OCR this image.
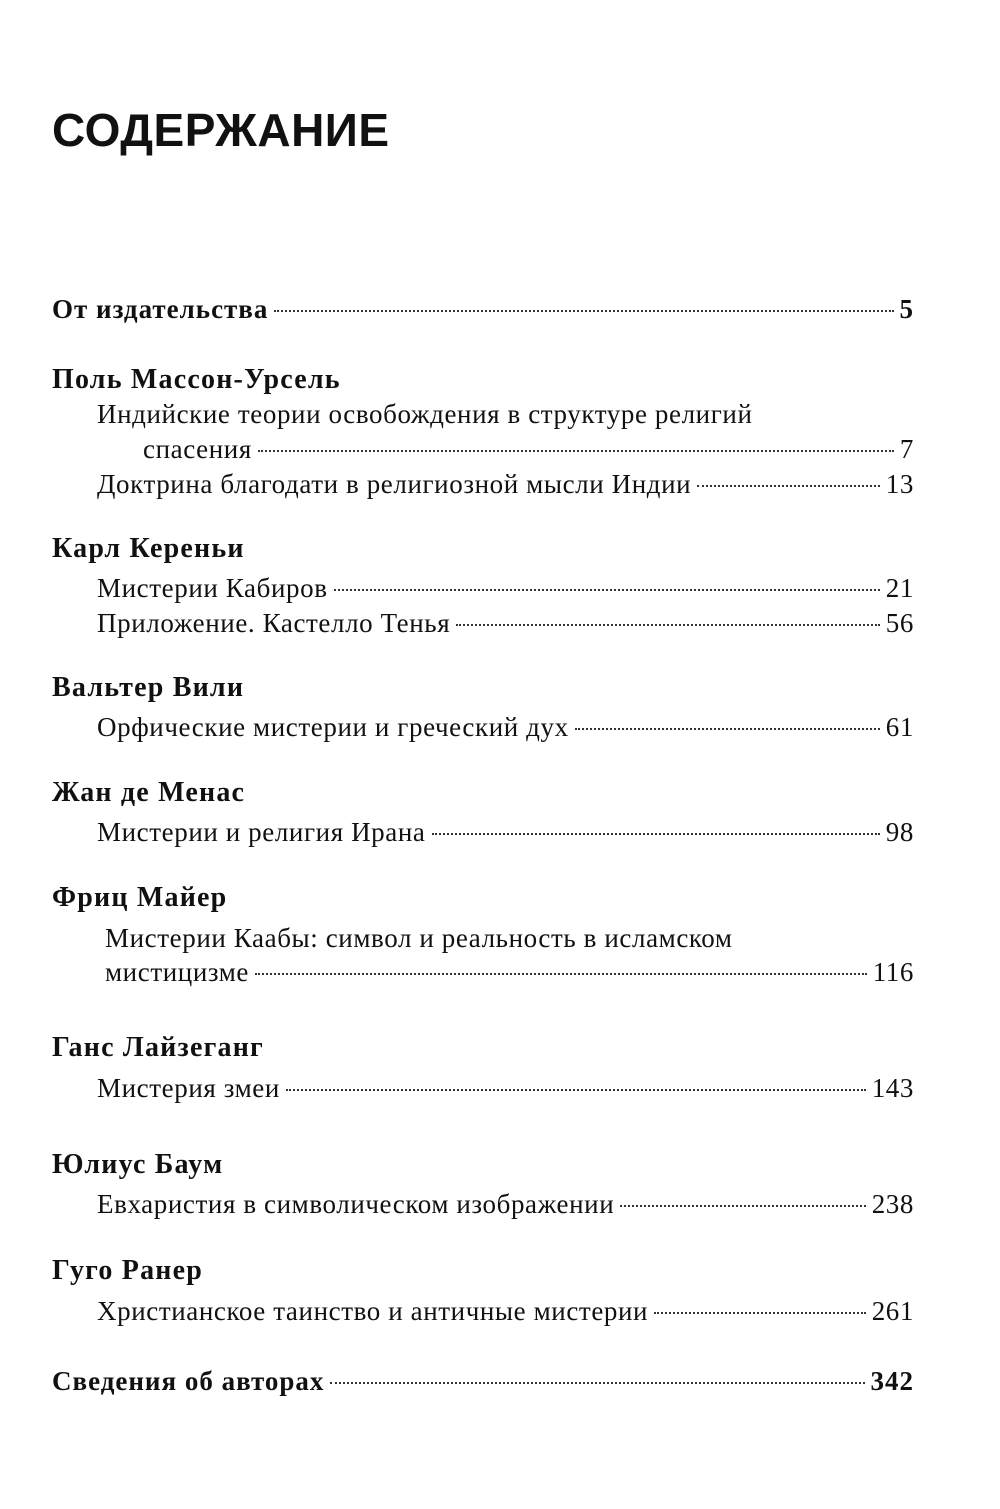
СОДЕРЖАНИЕ
От издательства	5
Поль Массон-Урсель
Индийские теории освобождения в структуре религий
спасения	7
Доктрина благодати в религиозной мысли Индии	13
Карл Кереньи
Мистерии Кабиров	21
Приложение. Кастелло Тенья	56
Вальтер Вили
Орфические мистерии и греческий дух	61
Жан де Менас
Мистерии и религия Ирана	98
Фриц Майер
Мистерии Каабы: символ и реальность в исламском
мистицизме	116
Ганс Лайзеганг
Мистерия змеи	143
Юлиус Баум
Евхаристия в символическом изображении	238
Гуго Ранер
Христианское таинство и античные мистерии	261
Сведения об авторах	342
